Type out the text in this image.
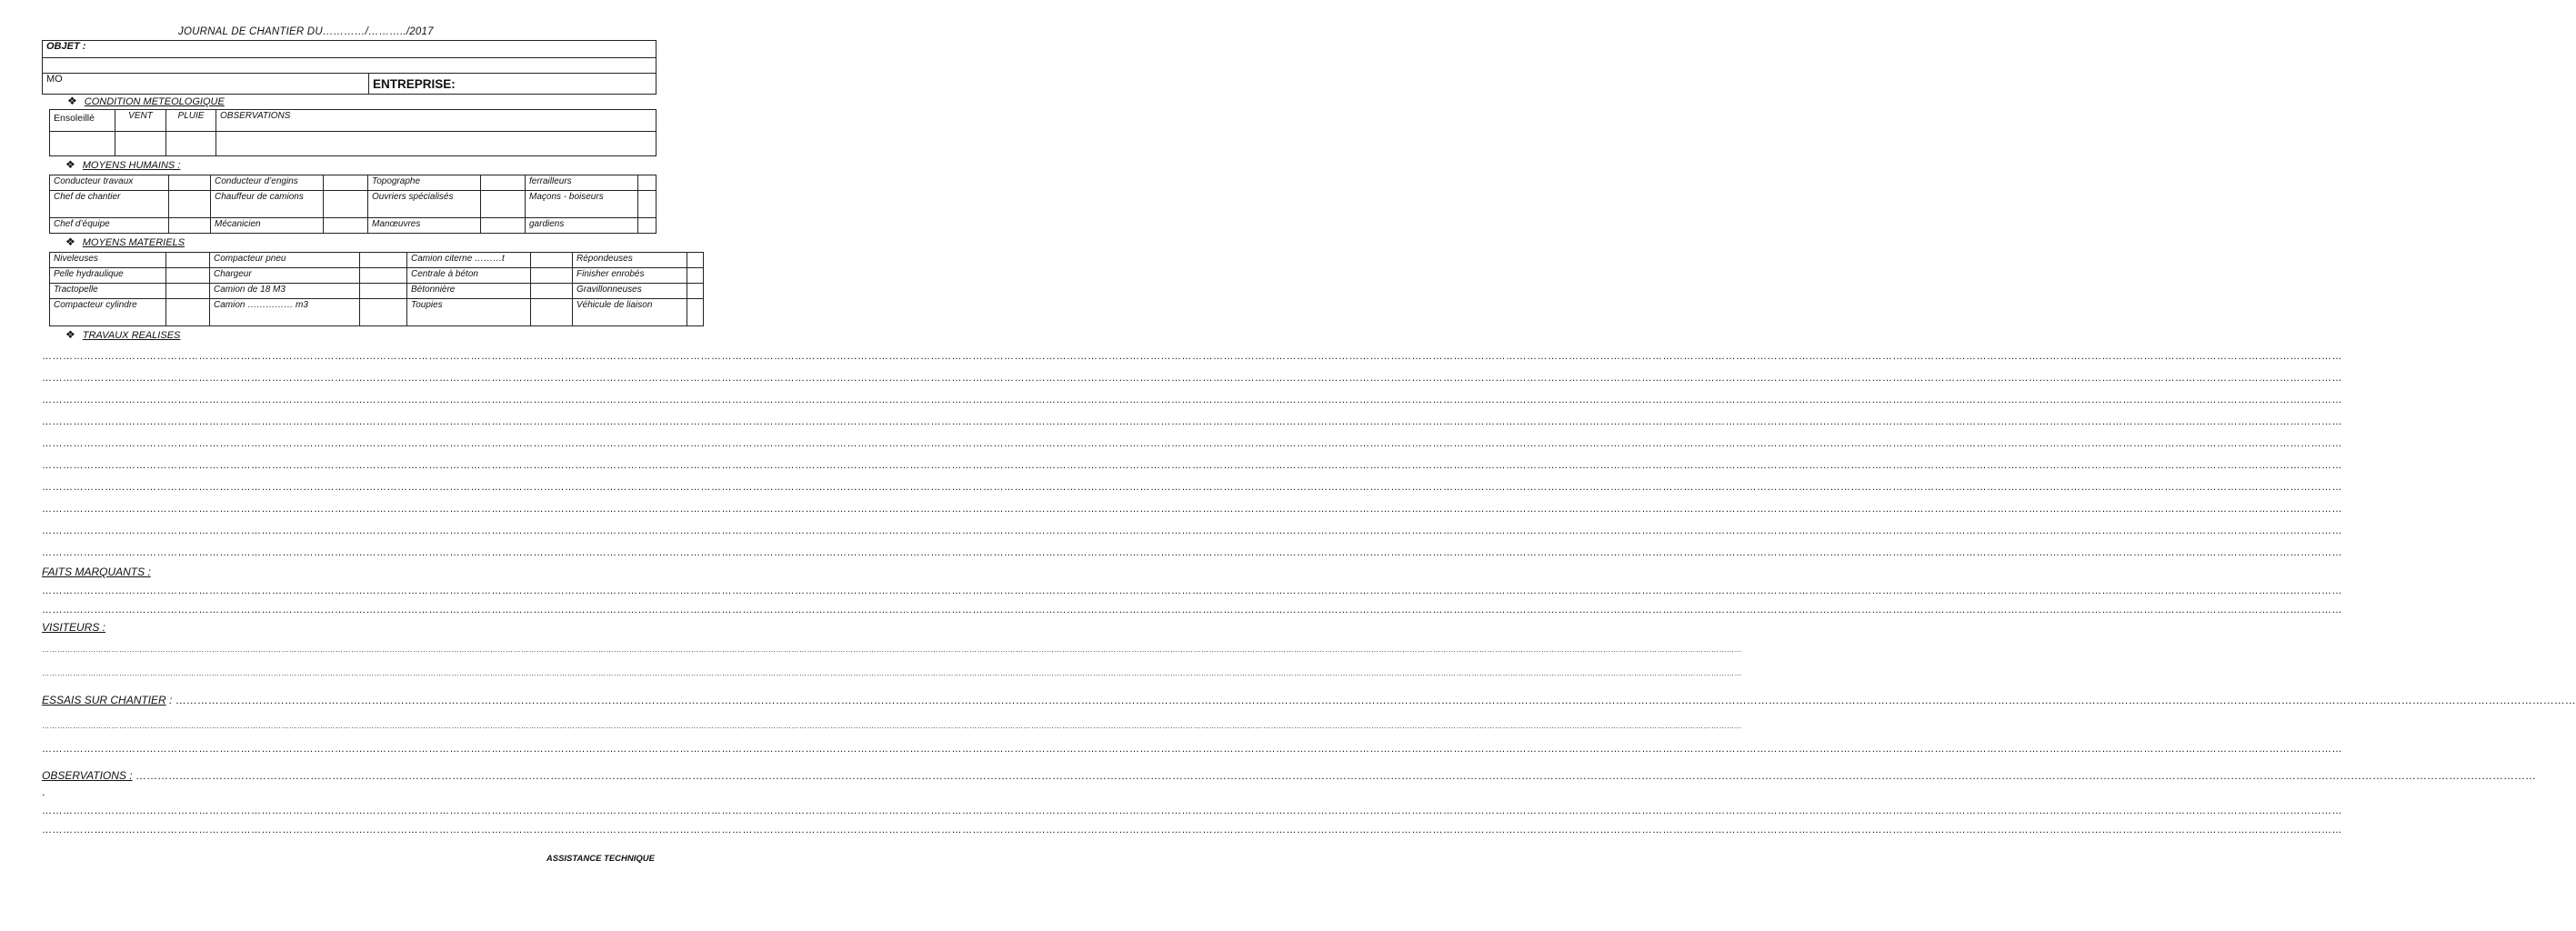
JOURNAL DE CHANTIER DU…………/………../2017
OBJET :

MO	ENTREPRISE:
❖ CONDITION METEOLOGIQUE
Ensoleillé	VENT	PLUIE	OBSERVATIONS

❖ MOYENS HUMAINS :
Conducteur travaux		Conducteur d’engins		Topographe		ferrailleurs	
Chef de chantier		Chauffeur de camions		Ouvriers spécialisés		Maçons - boiseurs	
Chef d’équipe		Mécanicien		Manœuvres		gardiens	
❖ MOYENS MATERIELS
Niveleuses		Compacteur pneu		Camion citerne ………t		Répondeuses	
Pelle hydraulique		Chargeur		Centrale à béton		Finisher enrobés	
Tractopelle		Camion de 18 M3		Bétonnière		Gravillonneuses	
Compacteur cylindre		Camion …………… m3		Toupies		Véhicule de liaison	
❖ TRAVAUX REALISES
…………………………………………………………………………………………………………………………………………………………………………………………………………………………………………………………………………………………………………………………………………………………………………………………………………………………………………………………………………………………………………………………………………………………………………………………………………
…………………………………………………………………………………………………………………………………………………………………………………………………………………………………………………………………………………………………………………………………………………………………………………………………………………………………………………………………………………………………………………………………………………………………………………………………………
…………………………………………………………………………………………………………………………………………………………………………………………………………………………………………………………………………………………………………………………………………………………………………………………………………………………………………………………………………………………………………………………………………………………………………………………………………
…………………………………………………………………………………………………………………………………………………………………………………………………………………………………………………………………………………………………………………………………………………………………………………………………………………………………………………………………………………………………………………………………………………………………………………………………………
…………………………………………………………………………………………………………………………………………………………………………………………………………………………………………………………………………………………………………………………………………………………………………………………………………………………………………………………………………………………………………………………………………………………………………………………………………
…………………………………………………………………………………………………………………………………………………………………………………………………………………………………………………………………………………………………………………………………………………………………………………………………………………………………………………………………………………………………………………………………………………………………………………………………………
…………………………………………………………………………………………………………………………………………………………………………………………………………………………………………………………………………………………………………………………………………………………………………………………………………………………………………………………………………………………………………………………………………………………………………………………………………
…………………………………………………………………………………………………………………………………………………………………………………………………………………………………………………………………………………………………………………………………………………………………………………………………………………………………………………………………………………………………………………………………………………………………………………………………………
…………………………………………………………………………………………………………………………………………………………………………………………………………………………………………………………………………………………………………………………………………………………………………………………………………………………………………………………………………………………………………………………………………………………………………………………………………
…………………………………………………………………………………………………………………………………………………………………………………………………………………………………………………………………………………………………………………………………………………………………………………………………………………………………………………………………………………………………………………………………………………………………………………………………………
FAITS MARQUANTS :
…………………………………………………………………………………………………………………………………………………………………………………………………………………………………………………………………………………………………………………………………………………………………………………………………………………………………………………………………………………………………………………………………………………………………………………………………………
…………………………………………………………………………………………………………………………………………………………………………………………………………………………………………………………………………………………………………………………………………………………………………………………………………………………………………………………………………………………………………………………………………………………………………………………………………
VISITEURS :
…………………………………………………………………………………………………………………………………………………………………………………………………………………………………………………………………………………………………………………………………………………………………………………………………………………………………………………………………………………………………………………………………………………………………………………………………………
…………………………………………………………………………………………………………………………………………………………………………………………………………………………………………………………………………………………………………………………………………………………………………………………………………………………………………………………………………………………………………………………………………………………………………………………………………
ESSAIS SUR CHANTIER : …………………………………………………………………………………………………………………………………………………………………………………………………………………………………………………………………………………………………………………………………………………………………………………………………………………………………………………………………………………………………………………………………………………………………………………………………………
…………………………………………………………………………………………………………………………………………………………………………………………………………………………………………………………………………………………………………………………………………………………………………………………………………………………………………………………………………………………………………………………………………………………………………………………………………
…………………………………………………………………………………………………………………………………………………………………………………………………………………………………………………………………………………………………………………………………………………………………………………………………………………………………………………………………………………………………………………………………………………………………………………………………………
OBSERVATIONS : …………………………………………………………………………………………………………………………………………………………………………………………………………………………………………………………………………………………………………………………………………………………………………………………………………………………………………………………………………………………………………………………………………………………………………………………………………
.
…………………………………………………………………………………………………………………………………………………………………………………………………………………………………………………………………………………………………………………………………………………………………………………………………………………………………………………………………………………………………………………………………………………………………………………………………………
…………………………………………………………………………………………………………………………………………………………………………………………………………………………………………………………………………………………………………………………………………………………………………………………………………………………………………………………………………………………………………………………………………………………………………………………………………
ASSISTANCE TECHNIQUE
